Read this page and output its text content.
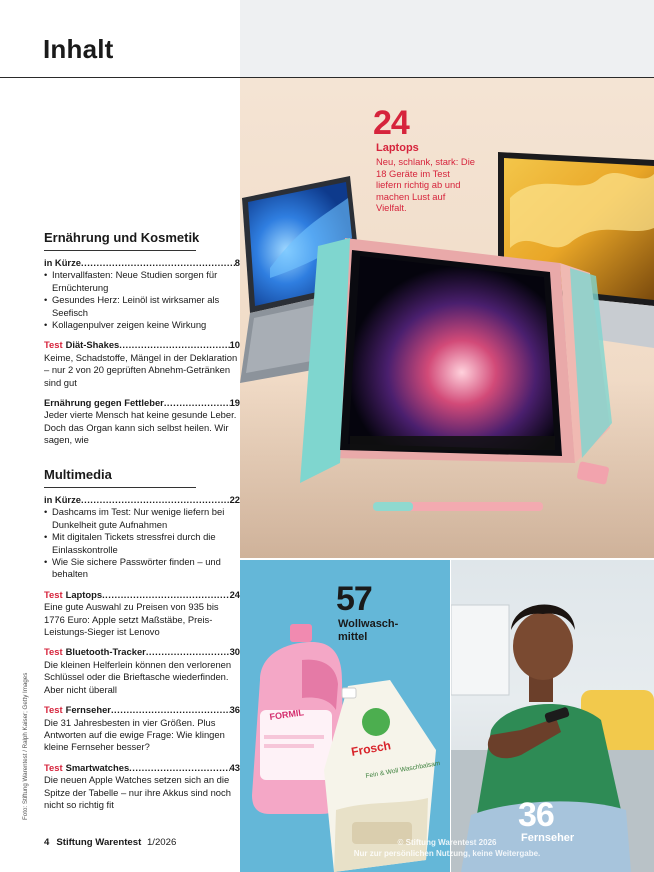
Inhalt
Ernährung und Kosmetik
in Kürze .....	8
• Intervallfasten: Neue Studien sorgen für Ernüchterung
• Gesundes Herz: Leinöl ist wirksamer als Seefisch
• Kollagenpulver zeigen keine Wirkung
Test Diät-Shakes .....	10

Keime, Schadstoffe, Mängel in der Deklaration – nur 2 von 20 geprüften Abnehm-Getränken sind gut

Ernährung gegen Fettleber .....	19

Jeder vierte Mensch hat keine gesunde Leber. Doch das Organ kann sich selbst heilen. Wir sagen, wie

Multimedia
in Kürze .....	22
• Dashcams im Test: Nur wenige liefern bei Dunkelheit gute Aufnahmen
• Mit digitalen Tickets stressfrei durch die Einlasskontrolle
• Wie Sie sichere Passwörter finden – und behalten
Test Laptops .....	24

Eine gute Auswahl zu Preisen von 935 bis 1776 Euro: Apple setzt Maßstäbe, Preis-Leistungs-Sieger ist Lenovo

Test Bluetooth-Tracker .....	30

Die kleinen Helferlein können den verlorenen Schlüssel oder die Brieftasche wiederfinden. Aber nicht überall

Test Fernseher .....	36

Die 31 Jahresbesten in vier Größen. Plus Antworten auf die ewige Frage: Wie klingen kleine Fernseher besser?

Test Smartwatches .....	43

Die neuen Apple Watches setzen sich an die Spitze der Tabelle – nur ihre Akkus sind noch nicht so richtig fit

Foto: Stiftung Warentest / Ralph Kaiser; Getty Images
4 Stiftung Warentest 1/2026
24
Laptops
Neu, schlank, stark: Die 18 Geräte im Test liefern richtig ab und machen Lust auf Vielfalt.
FORMIL
Frosch
Fein & Woll Waschbalsam
57
Wollwasch-mittel
36
Fernseher
© Stiftung Warentest 2026
Nur zur persönlichen Nutzung, keine Weitergabe.
